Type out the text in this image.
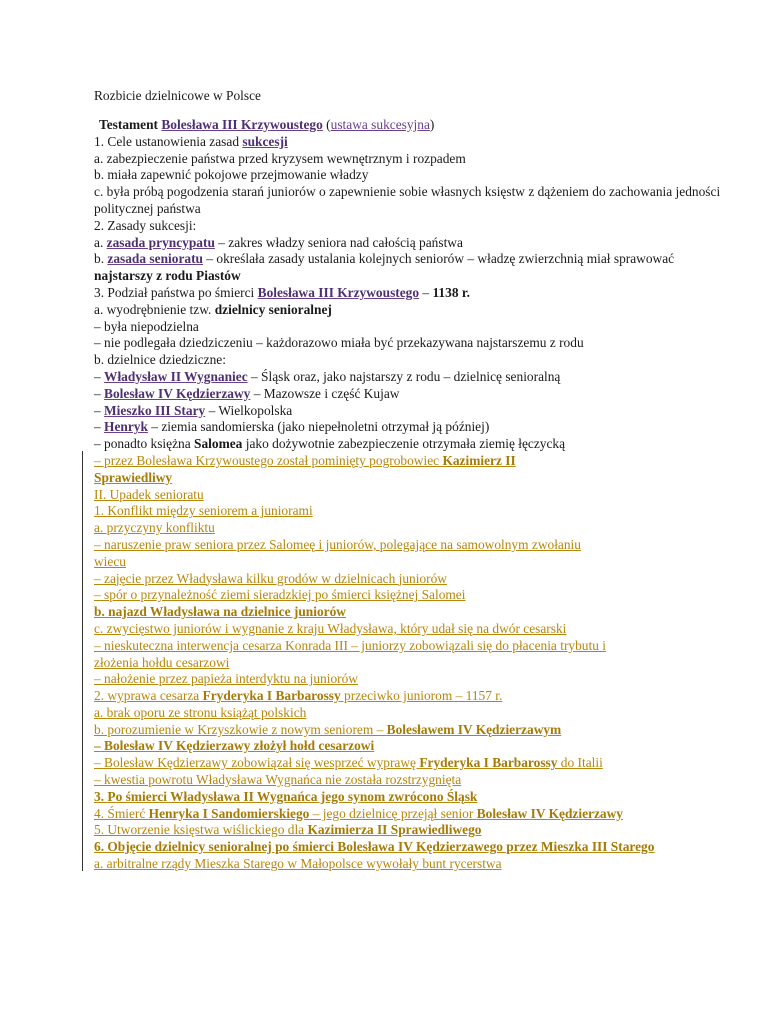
Rozbicie dzielnicowe w Polsce
Testament Bolesława III Krzywoustego (ustawa sukcesyjna)
1. Cele ustanowienia zasad sukcesji
a. zabezpieczenie państwa przed kryzysem wewnętrznym i rozpadem
b. miała zapewnić pokojowe przejmowanie władzy
c. była próbą pogodzenia starań juniorów o zapewnienie sobie własnych księstw z dążeniem do zachowania jedności politycznej państwa
2. Zasady sukcesji:
a. zasada pryncypatu – zakres władzy seniora nad całością państwa
b. zasada senioratu – określała zasady ustalania kolejnych seniorów – władzę zwierzchnią miał sprawować najstarszy z rodu Piastów
3. Podział państwa po śmierci Bolesława III Krzywoustego – 1138 r.
a. wyodrębnienie tzw. dzielnicy senioralnej
– była niepodzielna
– nie podlegała dziedziczeniu – każdorazowo miała być przekazywana najstarszemu z rodu
b. dzielnice dziedziczne:
– Władysław II Wygnaniec – Śląsk oraz, jako najstarszy z rodu – dzielnicę senioralną
– Bolesław IV Kędzierzawy – Mazowsze i część Kujaw
– Mieszko III Stary – Wielkopolska
– Henryk – ziemia sandomierska (jako niepełnoletni otrzymał ją później)
– ponadto księżna Salomea jako dożywotnie zabezpieczenie otrzymała ziemię łęczycką
– przez Bolesława Krzywoustego został pominięty pogrobowiec Kazimierz II Sprawiedliwy
II. Upadek senioratu
1. Konflikt między seniorem a juniorami
a. przyczyny konfliktu
– naruszenie praw seniora przez Salomeę i juniorów, polegające na samowolnym zwołaniu wiecu
– zajęcie przez Władysława kilku grodów w dzielnicach juniorów
– spór o przynależność ziemi sieradzkiej po śmierci księżnej Salomei
b. najazd Władysława na dzielnice juniorów
c. zwycięstwo juniorów i wygnanie z kraju Władysława, który udał się na dwór cesarski
– nieskuteczna interwencja cesarza Konrada III – juniorzy zobowiązali się do płacenia trybutu i złożenia hołdu cesarzowi
– nałożenie przez papieża interdyktu na juniorów
2. wyprawa cesarza Fryderyka I Barbarossy przeciwko juniorom – 1157 r.
a. brak oporu ze stronu książąt polskich
b. porozumienie w Krzyszkowie z nowym seniorem – Bolesławem IV Kędzierzawym
– Bolesław IV Kędzierzawy złożył hołd cesarzowi
– Bolesław Kędzierzawy zobowiązał się wesprzeć wyprawę Fryderyka I Barbarossy do Italii
– kwestia powrotu Władysława Wygnańca nie została rozstrzygnięta
3. Po śmierci Władysława II Wygnańca jego synom zwrócono Śląsk
4. Śmierć Henryka I Sandomierskiego – jego dzielnicę przejął senior Bolesław IV Kędzierzawy
5. Utworzenie księstwa wiślickiego dla Kazimierza II Sprawiedliwego
6. Objęcie dzielnicy senioralnej po śmierci Bolesława IV Kędzierzawego przez Mieszka III Starego
a. arbitralne rządy Mieszka Starego w Małopolsce wywołały bunt rycerstwa
